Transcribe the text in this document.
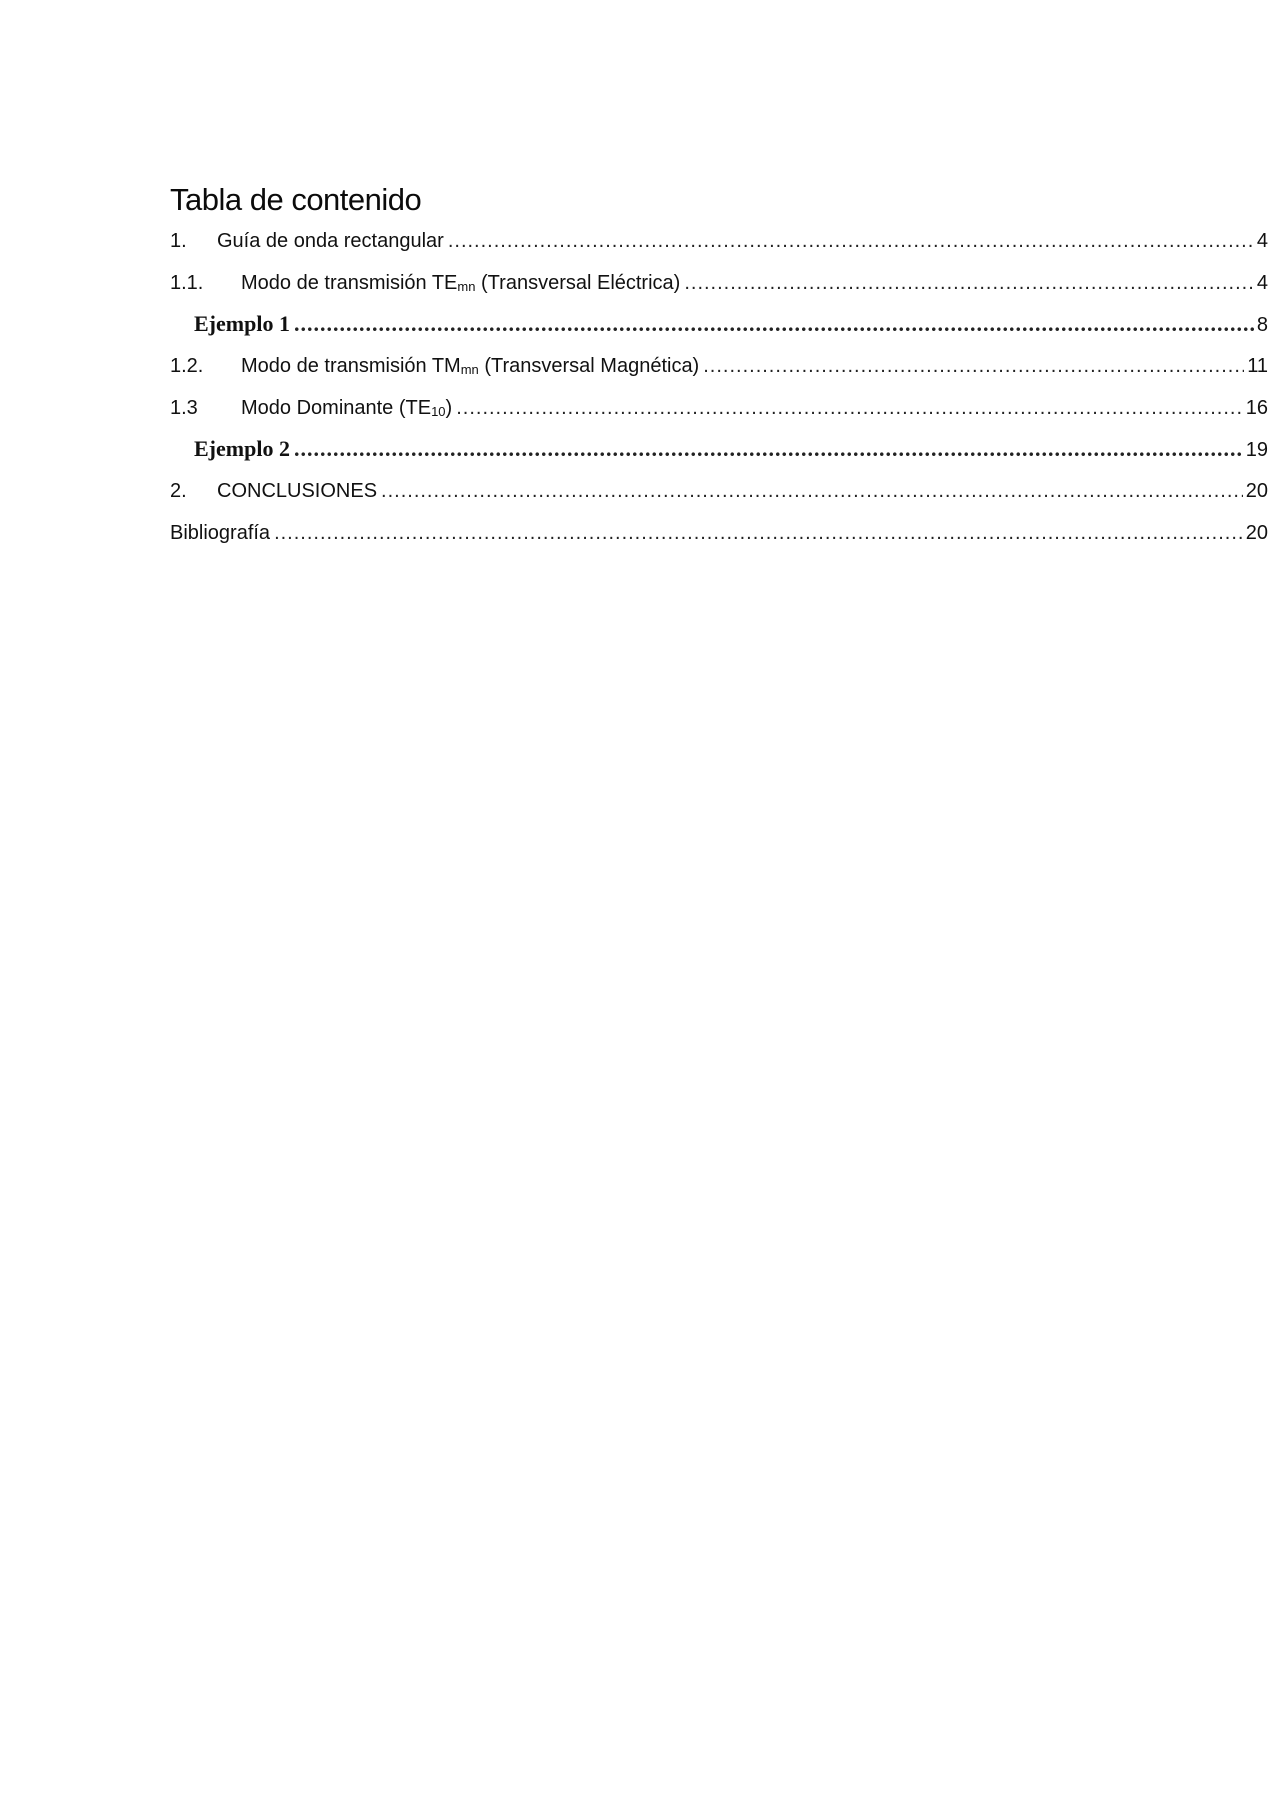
Tabla de contenido
1.	Guía de onda rectangular .....	4
1.1.	Modo de transmisión $TE_{mn}$ (Transversal Eléctrica) .....	4
Ejemplo 1 .....	8
1.2.	Modo de transmisión $TM_{mn}$ (Transversal Magnética) .....	11
1.3	Modo Dominante $(TE_{10})$ .....	16
Ejemplo 2 .....	19
2.	CONCLUSIONES .....	20
Bibliografía .....	20
